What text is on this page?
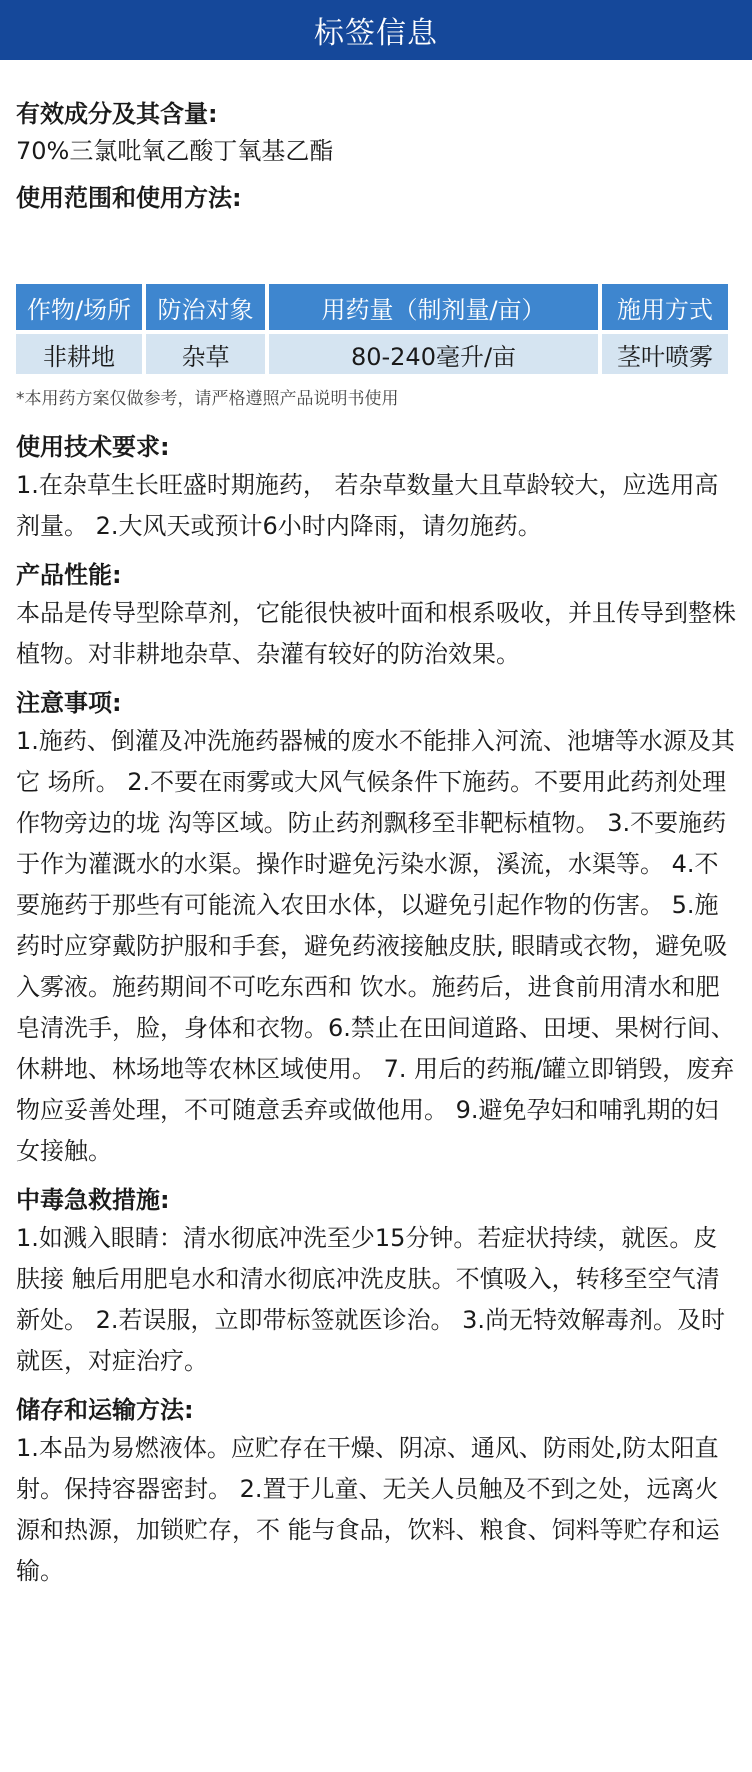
标签信息

有效成分及其含量:

70%三氯吡氧乙酸丁氧基乙酯

使用范围和使用方法:

作物/场所	防治对象	用药量（制剂量/亩）	施用方式
非耕地	杂草	80-240毫升/亩	茎叶喷雾

*本用药方案仅做参考，请严格遵照产品说明书使用

使用技术要求:

1.在杂草生长旺盛时期施药， 若杂草数量大且草龄较大，应选用高剂量。 2.大风天或预计6小时内降雨，请勿施药。

产品性能:

本品是传导型除草剂，它能很快被叶面和根系吸收，并且传导到整株植物。对非耕地杂草、杂灌有较好的防治效果。

注意事项:

1.施药、倒灌及冲洗施药器械的废水不能排入河流、池塘等水源及其它 场所。 2.不要在雨雾或大风气候条件下施药。不要用此药剂处理作物旁边的垅 沟等区域。防止药剂飘移至非靶标植物。 3.不要施药于作为灌溉水的水渠。操作时避免污染水源，溪流，水渠等。 4.不要施药于那些有可能流入农田水体，以避免引起作物的伤害。 5.施药时应穿戴防护服和手套，避免药液接触皮肤, 眼睛或衣物，避免吸入雾液。施药期间不可吃东西和 饮水。施药后，进食前用清水和肥皂清洗手，脸，身体和衣物。6.禁止在田间道路、田埂、果树行间、休耕地、林场地等农林区域使用。 7. 用后的药瓶/罐立即销毁，废弃物应妥善处理，不可随意丢弃或做他用。 9.避免孕妇和哺乳期的妇女接触。

中毒急救措施:

1.如溅入眼睛：清水彻底冲洗至少15分钟。若症状持续，就医。皮肤接 触后用肥皂水和清水彻底冲洗皮肤。不慎吸入，转移至空气清新处。 2.若误服，立即带标签就医诊治。 3.尚无特效解毒剂。及时就医，对症治疗。

储存和运输方法:

1.本品为易燃液体。应贮存在干燥、阴凉、通风、防雨处,防太阳直射。保持容器密封。 2.置于儿童、无关人员触及不到之处，远离火源和热源，加锁贮存，不 能与食品，饮料、粮食、饲料等贮存和运输。
